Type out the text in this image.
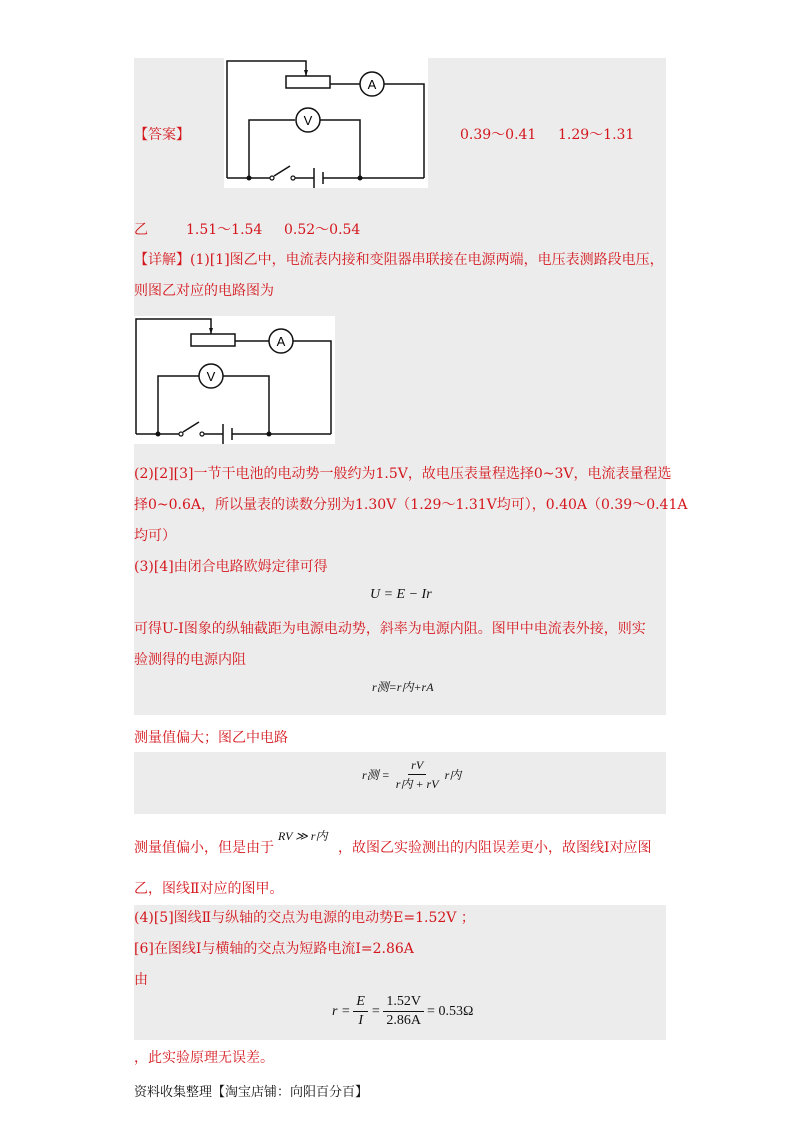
A
V
【答案】	0.39～0.41 1.29～1.31
乙	1.51～1.54 0.52～0.54
【详解】(1)[1]图乙中，电流表内接和变阻器串联接在电源两端，电压表测路段电压，
则图乙对应的电路图为
A
V
(2)[2][3]一节干电池的电动势一般约为1.5V，故电压表量程选择0~3V，电流表量程选
择0~0.6A，所以量表的读数分别为1.30V（1.29～1.31V均可），0.40A（0.39～0.41A
均可）
(3)[4]由闭合电路欧姆定律可得
U = E − Ir
可得U-I图象的纵轴截距为电源电动势，斜率为电源内阻。图甲中电流表外接，则实
验测得的电源内阻
r测=r内+rA
测量值偏大；图乙中电路
r测 = $\frac{rV}{\text{r内 + rV}}$ r内
测量值偏小，但是由于
RV ≫ r内
，故图乙实验测出的内阻误差更小，故图线Ⅰ对应图
乙，图线Ⅱ对应的图甲。
(4)[5]图线Ⅱ与纵轴的交点为电源的电动势E=1.52V ；
[6]在图线Ⅰ与横轴的交点为短路电流I=2.86A
由
$r = \frac{E}{I} = \frac{1.52V}{2.86A} = 0.53\Omega$
，此实验原理无误差。
资料收集整理【淘宝店铺：向阳百分百】
